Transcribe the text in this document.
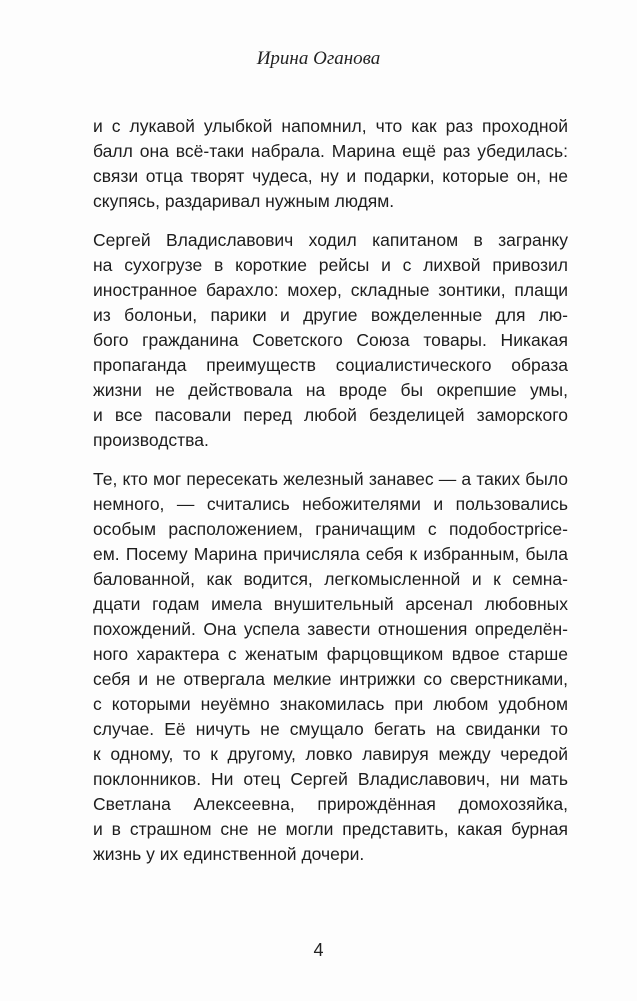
Ирина Оганова

и с лукавой улыбкой напомнил, что как раз проходной
балл она всё-таки набрала. Марина ещё раз убедилась:
связи отца творят чудеса, ну и подарки, которые он, не
скупясь, раздаривал нужным людям.

Сергей Владиславович ходил капитаном в загранку
на сухогрузе в короткие рейсы и с лихвой привозил
иностранное барахло: мохер, складные зонтики, плащи
из болоньи, парики и другие вожделенные для лю-
бого гражданина Советского Союза товары. Никакая
пропаганда преимуществ социалистического образа
жизни не действовала на вроде бы окрепшие умы,
и все пасовали перед любой безделицей заморского
производства.

Те, кто мог пересекать железный занавес — а таких было
немного, — считались небожителями и пользовались
особым расположением, граничащим с подобостprice-
ем. Посему Марина причисляла себя к избранным, была
балованной, как водится, легкомысленной и к семна-
дцати годам имела внушительный арсенал любовных
похождений. Она успела завести отношения определён-
ного характера с женатым фарцовщиком вдвое старше
себя и не отвергала мелкие интрижки со сверстниками,
с которыми неуёмно знакомилась при любом удобном
случае. Её ничуть не смущало бегать на свиданки то
к одному, то к другому, ловко лавируя между чередой
поклонников. Ни отец Сергей Владиславович, ни мать
Светлана Алексеевна, прирождённая домохозяйка,
и в страшном сне не могли представить, какая бурная
жизнь у их единственной дочери.

4
